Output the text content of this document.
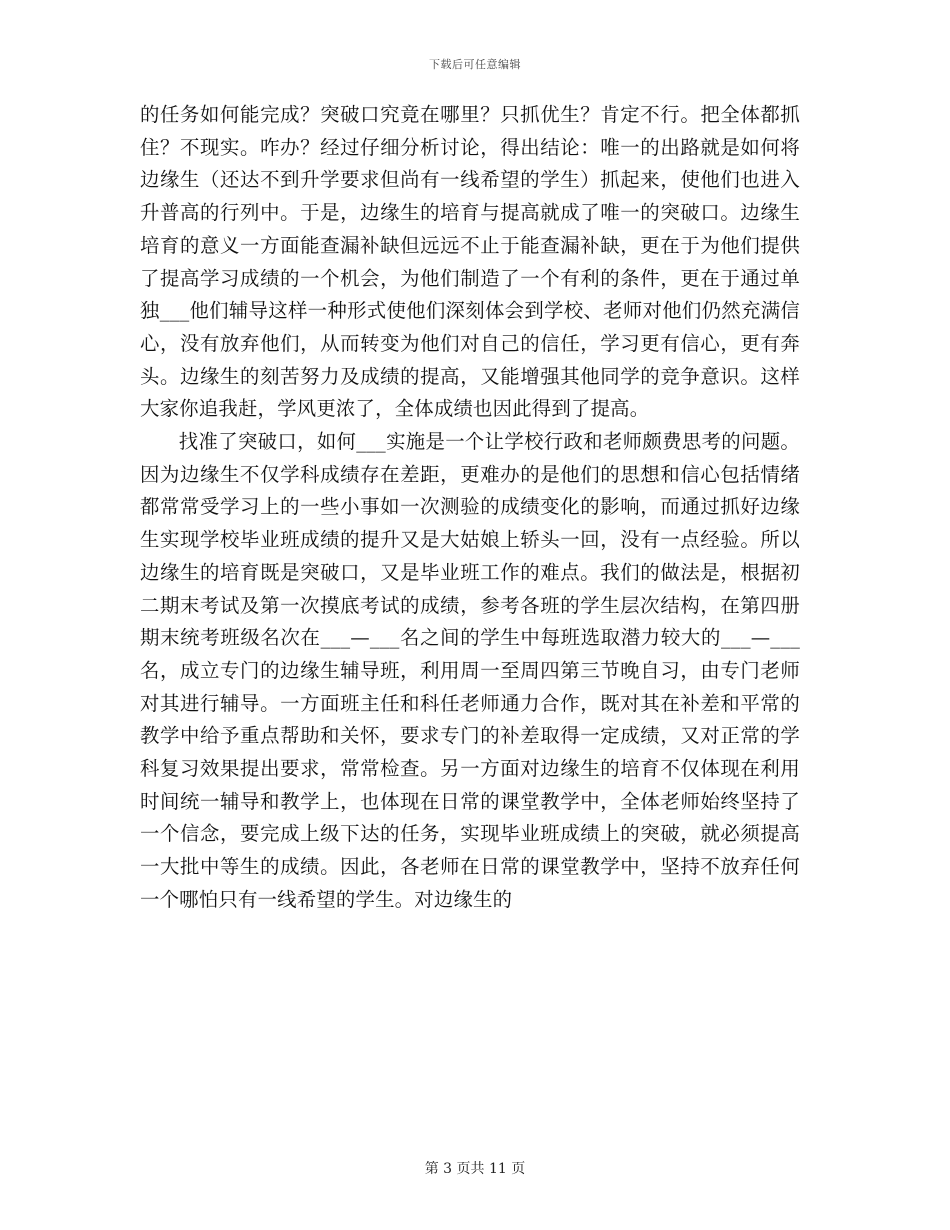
下载后可任意编辑

的任务如何能完成？突破口究竟在哪里？只抓优生？肯定不行。把全体都抓住？不现实。咋办？经过仔细分析讨论，得出结论：唯一的出路就是如何将边缘生（还达不到升学要求但尚有一线希望的学生）抓起来，使他们也进入升普高的行列中。于是，边缘生的培育与提高就成了唯一的突破口。边缘生培育的意义一方面能查漏补缺但远远不止于能查漏补缺，更在于为他们提供了提高学习成绩的一个机会，为他们制造了一个有利的条件，更在于通过单独___他们辅导这样一种形式使他们深刻体会到学校、老师对他们仍然充满信心，没有放弃他们，从而转变为他们对自己的信任，学习更有信心，更有奔头。边缘生的刻苦努力及成绩的提高，又能增强其他同学的竞争意识。这样大家你追我赶，学风更浓了，全体成绩也因此得到了提高。

找准了突破口，如何___实施是一个让学校行政和老师颇费思考的问题。因为边缘生不仅学科成绩存在差距，更难办的是他们的思想和信心包括情绪都常常受学习上的一些小事如一次测验的成绩变化的影响，而通过抓好边缘生实现学校毕业班成绩的提升又是大姑娘上轿头一回，没有一点经验。所以边缘生的培育既是突破口，又是毕业班工作的难点。我们的做法是，根据初二期末考试及第一次摸底考试的成绩，参考各班的学生层次结构，在第四册期末统考班级名次在___—___名之间的学生中每班选取潜力较大的___—___名，成立专门的边缘生辅导班，利用周一至周四第三节晚自习，由专门老师对其进行辅导。一方面班主任和科任老师通力合作，既对其在补差和平常的教学中给予重点帮助和关怀，要求专门的补差取得一定成绩，又对正常的学科复习效果提出要求，常常检查。另一方面对边缘生的培育不仅体现在利用时间统一辅导和教学上，也体现在日常的课堂教学中，全体老师始终坚持了一个信念，要完成上级下达的任务，实现毕业班成绩上的突破，就必须提高一大批中等生的成绩。因此，各老师在日常的课堂教学中，坚持不放弃任何一个哪怕只有一线希望的学生。对边缘生的

第 3 页共 11 页
